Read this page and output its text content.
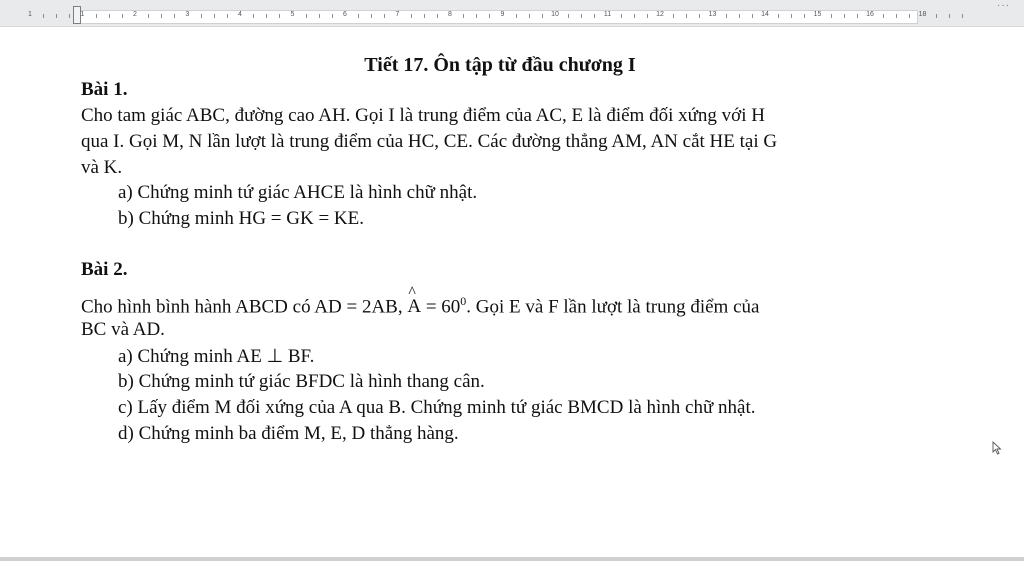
1	1	2	3	4	5	6	7	8	9	10	11	12	13	14	15	16	18
···
Tiết 17. Ôn tập từ đầu chương I
Bài 1.
Cho tam giác ABC, đường cao AH. Gọi I là trung điểm của AC, E là điểm đối xứng với H
qua I. Gọi M, N lần lượt là trung điểm của HC, CE. Các đường thẳng AM, AN cắt HE tại G
và K.
a) Chứng minh tứ giác AHCE là hình chữ nhật.
b) Chứng minh HG = GK = KE.
Bài 2.
Cho hình bình hành ABCD có AD = 2AB, ^ $A = 60^0$. Gọi E và F lần lượt là trung điểm của
BC và AD.
a) Chứng minh AE ⊥ BF.
b) Chứng minh tứ giác BFDC là hình thang cân.
c) Lấy điểm M đối xứng của A qua B. Chứng minh tứ giác BMCD là hình chữ nhật.
d) Chứng minh ba điểm M, E, D thẳng hàng.
